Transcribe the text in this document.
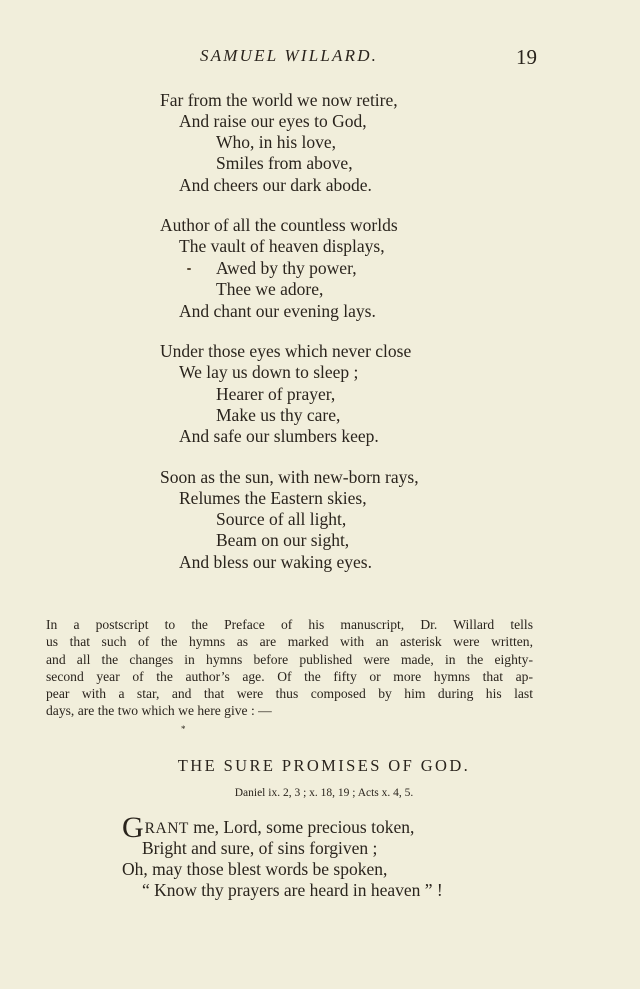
SAMUEL WILLARD.	19
Far from the world we now retire,
And raise our eyes to God,
Who, in his love,
Smiles from above,
And cheers our dark abode.
Author of all the countless worlds
The vault of heaven displays,
Awed by thy power,
Thee we adore,
And chant our evening lays.
Under those eyes which never close
We lay us down to sleep ;
Hearer of prayer,
Make us thy care,
And safe our slumbers keep.
Soon as the sun, with new-born rays,
Relumes the Eastern skies,
Source of all light,
Beam on our sight,
And bless our waking eyes.
In a postscript to the Preface of his manuscript, Dr. Willard tells
us that such of the hymns as are marked with an asterisk were written,
and all the changes in hymns before published were made, in the eighty-
second year of the author’s age. Of the fifty or more hymns that ap-
pear with a star, and that were thus composed by him during his last
days, are the two which we here give : —
*
THE SURE PROMISES OF GOD.
Daniel ix. 2, 3 ; x. 18, 19 ; Acts x. 4, 5.
GRANT me, Lord, some precious token,
Bright and sure, of sins forgiven ;
Oh, may those blest words be spoken,
“ Know thy prayers are heard in heaven ” !
